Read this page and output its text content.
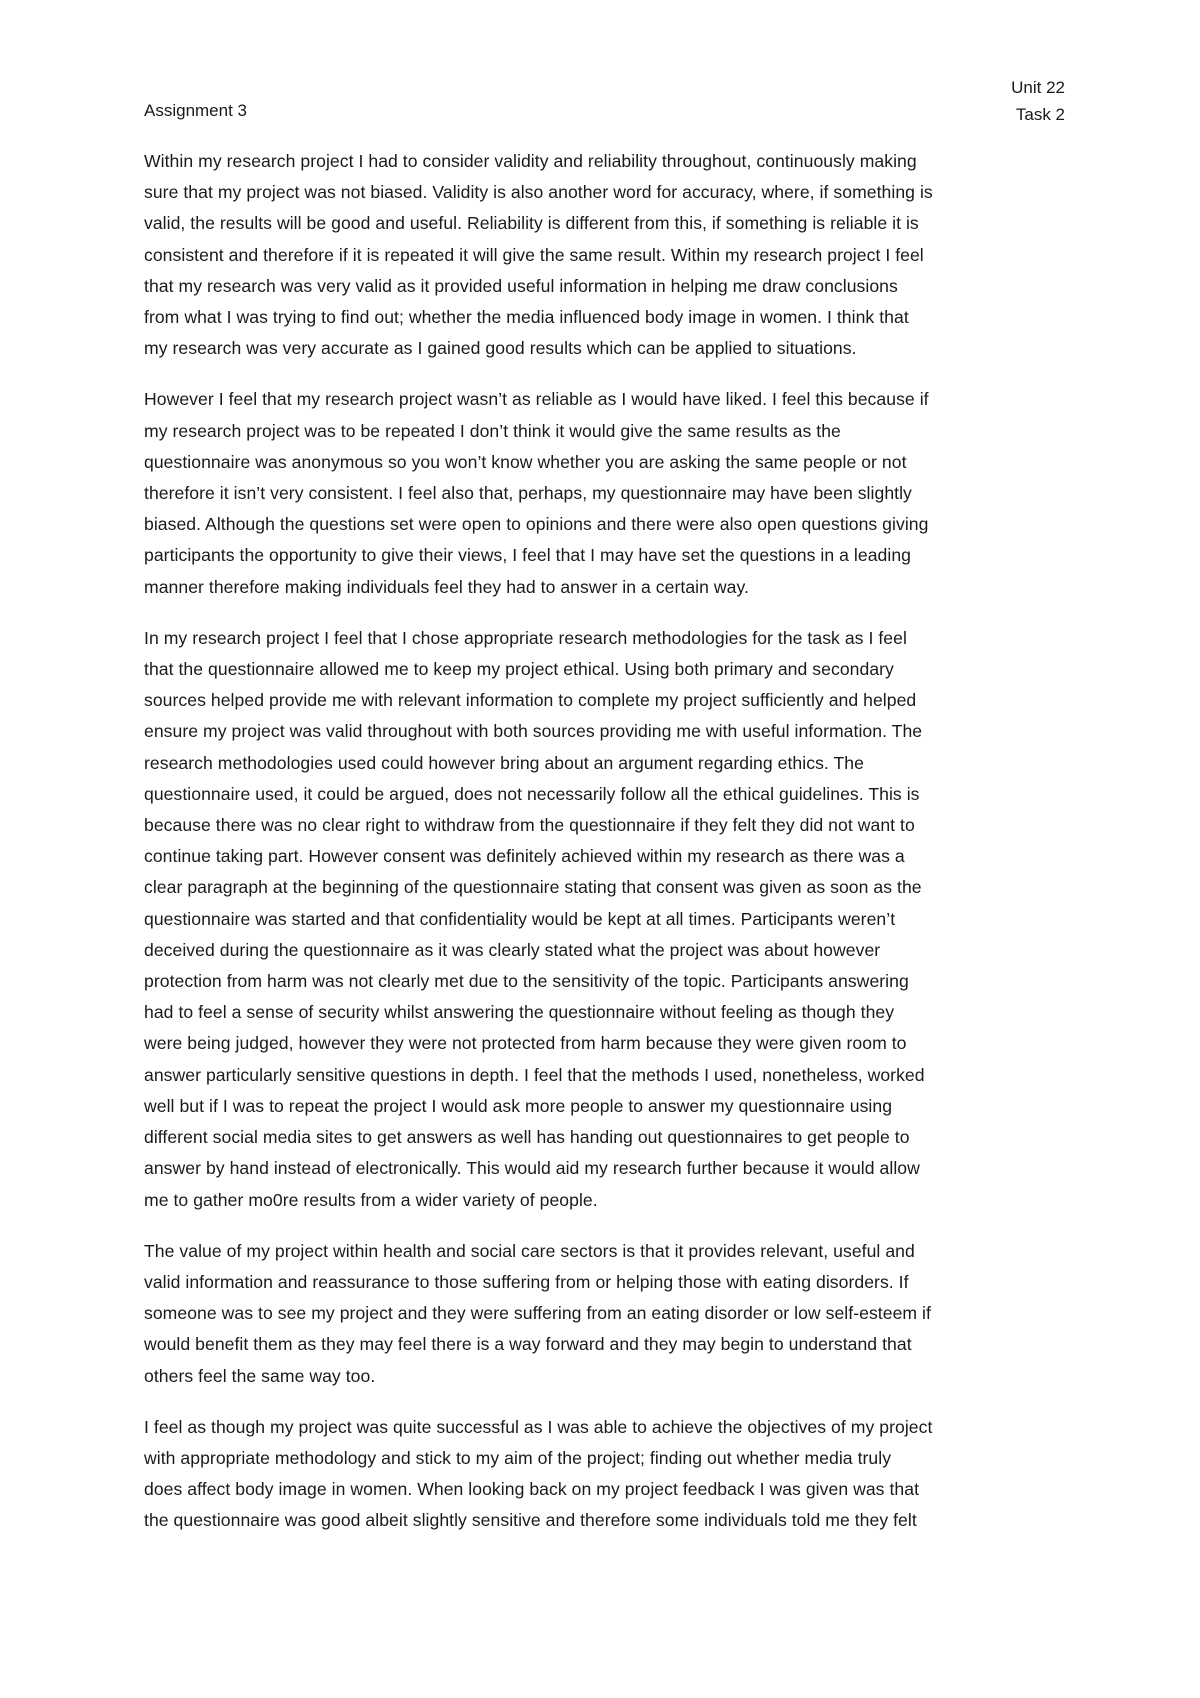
Assignment 3
Unit 22
Task 2

Within my research project I had to consider validity and reliability throughout, continuously making
sure that my project was not biased. Validity is also another word for accuracy, where, if something is
valid, the results will be good and useful. Reliability is different from this, if something is reliable it is
consistent and therefore if it is repeated it will give the same result. Within my research project I feel
that my research was very valid as it provided useful information in helping me draw conclusions
from what I was trying to find out; whether the media influenced body image in women. I think that
my research was very accurate as I gained good results which can be applied to situations.

However I feel that my research project wasn’t as reliable as I would have liked. I feel this because if
my research project was to be repeated I don’t think it would give the same results as the
questionnaire was anonymous so you won’t know whether you are asking the same people or not
therefore it isn’t very consistent. I feel also that, perhaps, my questionnaire may have been slightly
biased. Although the questions set were open to opinions and there were also open questions giving
participants the opportunity to give their views, I feel that I may have set the questions in a leading
manner therefore making individuals feel they had to answer in a certain way.

In my research project I feel that I chose appropriate research methodologies for the task as I feel
that the questionnaire allowed me to keep my project ethical. Using both primary and secondary
sources helped provide me with relevant information to complete my project sufficiently and helped
ensure my project was valid throughout with both sources providing me with useful information. The
research methodologies used could however bring about an argument regarding ethics. The
questionnaire used, it could be argued, does not necessarily follow all the ethical guidelines. This is
because there was no clear right to withdraw from the questionnaire if they felt they did not want to
continue taking part. However consent was definitely achieved within my research as there was a
clear paragraph at the beginning of the questionnaire stating that consent was given as soon as the
questionnaire was started and that confidentiality would be kept at all times. Participants weren’t
deceived during the questionnaire as it was clearly stated what the project was about however
protection from harm was not clearly met due to the sensitivity of the topic. Participants answering
had to feel a sense of security whilst answering the questionnaire without feeling as though they
were being judged, however they were not protected from harm because they were given room to
answer particularly sensitive questions in depth. I feel that the methods I used, nonetheless, worked
well but if I was to repeat the project I would ask more people to answer my questionnaire using
different social media sites to get answers as well has handing out questionnaires to get people to
answer by hand instead of electronically. This would aid my research further because it would allow
me to gather mo0re results from a wider variety of people.

The value of my project within health and social care sectors is that it provides relevant, useful and
valid information and reassurance to those suffering from or helping those with eating disorders. If
someone was to see my project and they were suffering from an eating disorder or low self-esteem if
would benefit them as they may feel there is a way forward and they may begin to understand that
others feel the same way too.

I feel as though my project was quite successful as I was able to achieve the objectives of my project
with appropriate methodology and stick to my aim of the project; finding out whether media truly
does affect body image in women. When looking back on my project feedback I was given was that
the questionnaire was good albeit slightly sensitive and therefore some individuals told me they felt
